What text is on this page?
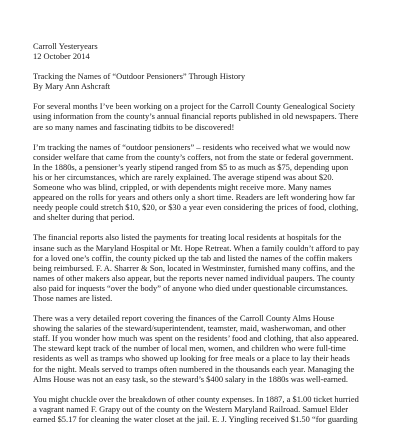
Carroll Yesteryears

12 October 2014

Tracking the Names of “Outdoor Pensioners” Through History

By Mary Ann Ashcraft

For several months I’ve been working on a project for the Carroll County Genealogical Society using information from the county’s annual financial reports published in old newspapers. There are so many names and fascinating tidbits to be discovered!

I’m tracking the names of “outdoor pensioners” – residents who received what we would now consider welfare that came from the county’s coffers, not from the state or federal government. In the 1880s, a pensioner’s yearly stipend ranged from $5 to as much as $75, depending upon his or her circumstances, which are rarely explained. The average stipend was about $20. Someone who was blind, crippled, or with dependents might receive more. Many names appeared on the rolls for years and others only a short time. Readers are left wondering how far needy people could stretch $10, $20, or $30 a year even considering the prices of food, clothing, and shelter during that period.

The financial reports also listed the payments for treating local residents at hospitals for the insane such as the Maryland Hospital or Mt. Hope Retreat. When a family couldn’t afford to pay for a loved one’s coffin, the county picked up the tab and listed the names of the coffin makers being reimbursed. F. A. Sharrer & Son, located in Westminster, furnished many coffins, and the names of other makers also appear, but the reports never named individual paupers. The county also paid for inquests “over the body” of anyone who died under questionable circumstances. Those names are listed.

There was a very detailed report covering the finances of the Carroll County Alms House showing the salaries of the steward/superintendent, teamster, maid, washerwoman, and other staff. If you wonder how much was spent on the residents’ food and clothing, that also appeared. The steward kept track of the number of local men, women, and children who were full-time residents as well as tramps who showed up looking for free meals or a place to lay their heads for the night. Meals served to tramps often numbered in the thousands each year. Managing the Alms House was not an easy task, so the steward’s $400 salary in the 1880s was well-earned.

You might chuckle over the breakdown of other county expenses. In 1887, a $1.00 ticket hurried a vagrant named F. Grapy out of the county on the Western Maryland Railroad. Samuel Elder earned $5.17 for cleaning the water closet at the jail. E. J. Yingling received $1.50 “for guarding
